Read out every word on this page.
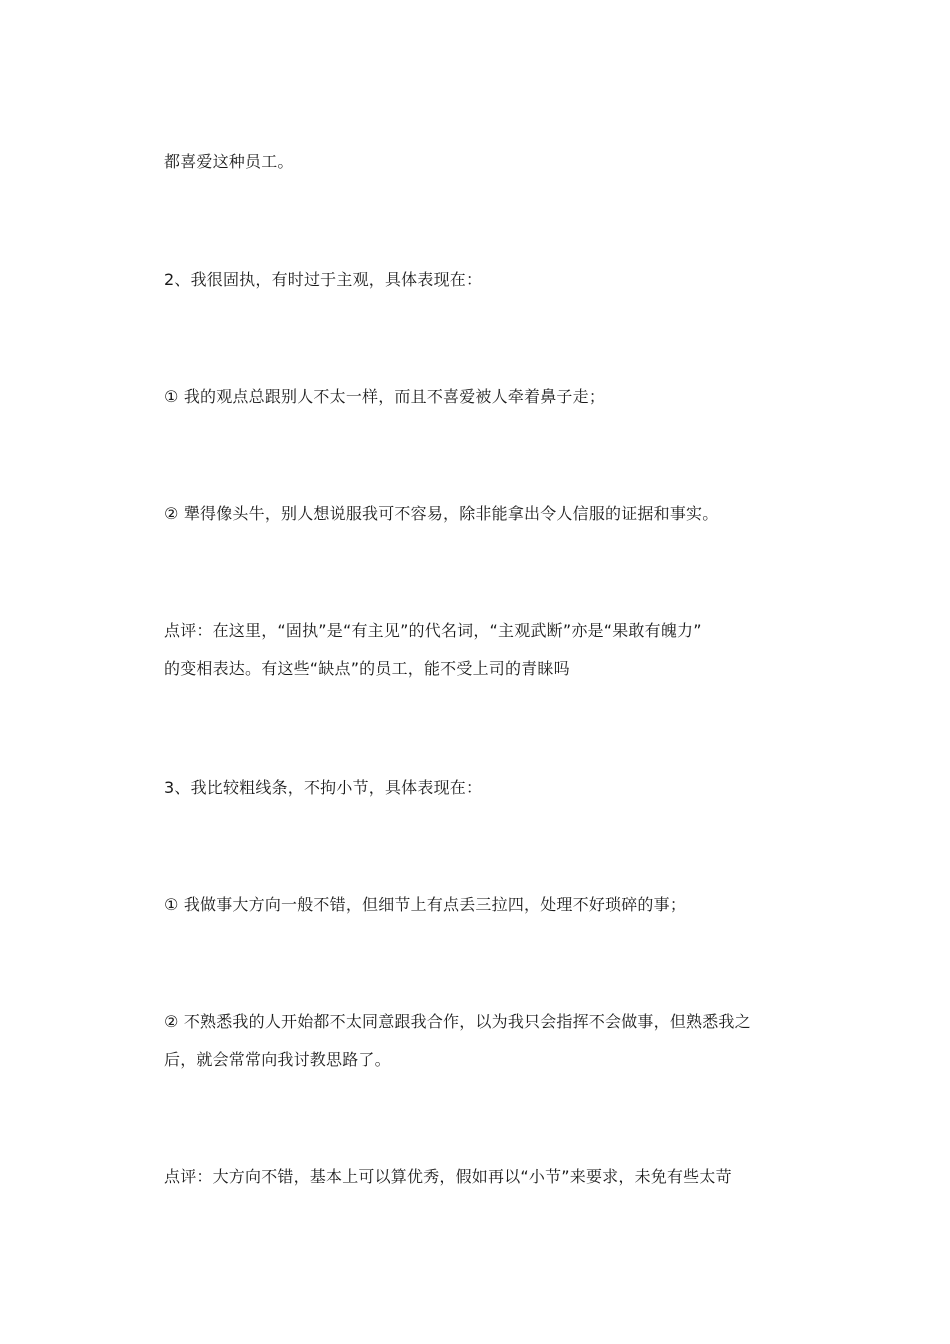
都喜爱这种员工。
2、我很固执，有时过于主观，具体表现在：
① 我的观点总跟别人不太一样，而且不喜爱被人牵着鼻子走；
② 犟得像头牛，别人想说服我可不容易，除非能拿出令人信服的证据和事实。
点评：在这里，“固执”是“有主见”的代名词，“主观武断”亦是“果敢有魄力”
的变相表达。有这些“缺点”的员工，能不受上司的青睐吗
3、我比较粗线条，不拘小节，具体表现在：
① 我做事大方向一般不错，但细节上有点丢三拉四，处理不好琐碎的事；
② 不熟悉我的人开始都不太同意跟我合作，以为我只会指挥不会做事，但熟悉我之
后，就会常常向我讨教思路了。
点评：大方向不错，基本上可以算优秀，假如再以“小节”来要求，未免有些太苛
